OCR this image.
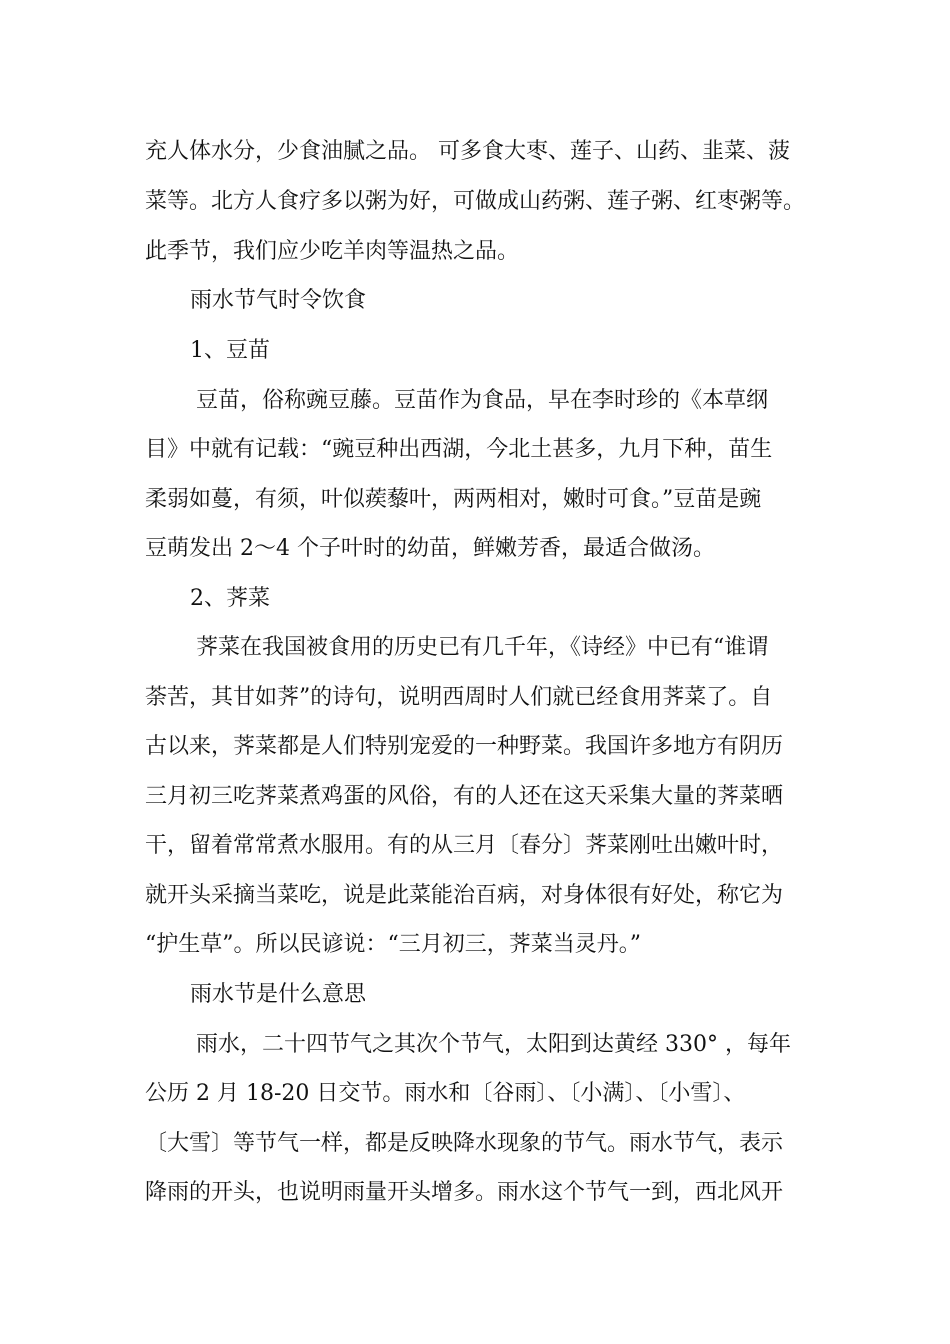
充人体水分，少食油腻之品。 可多食大枣、莲子、山药、韭菜、菠
菜等。北方人食疗多以粥为好，可做成山药粥、莲子粥、红枣粥等。
此季节，我们应少吃羊肉等温热之品。
雨水节气时令饮食
1、豆苗
豆苗，俗称豌豆藤。豆苗作为食品，早在李时珍的《本草纲
目》中就有记载：“豌豆种出西湖，今北土甚多，九月下种，苗生
柔弱如蔓，有须，叶似蒺藜叶，两两相对，嫩时可食。”豆苗是豌
豆萌发出 2～4 个子叶时的幼苗，鲜嫩芳香，最适合做汤。
2、荠菜
荠菜在我国被食用的历史已有几千年，《诗经》中已有“谁谓
荼苦，其甘如荠”的诗句，说明西周时人们就已经食用荠菜了。自
古以来，荠菜都是人们特别宠爱的一种野菜。我国许多地方有阴历
三月初三吃荠菜煮鸡蛋的风俗，有的人还在这天采集大量的荠菜晒
干，留着常常煮水服用。有的从三月〔春分〕荠菜刚吐出嫩叶时，
就开头采摘当菜吃，说是此菜能治百病，对身体很有好处，称它为
“护生草”。所以民谚说：“三月初三，荠菜当灵丹。”
雨水节是什么意思
雨水，二十四节气之其次个节气，太阳到达黄经 330° ，每年
公历 2 月 18-20 日交节。雨水和〔谷雨〕、〔小满〕、〔小雪〕、
〔大雪〕等节气一样，都是反映降水现象的节气。雨水节气，表示
降雨的开头，也说明雨量开头增多。雨水这个节气一到，西北风开
